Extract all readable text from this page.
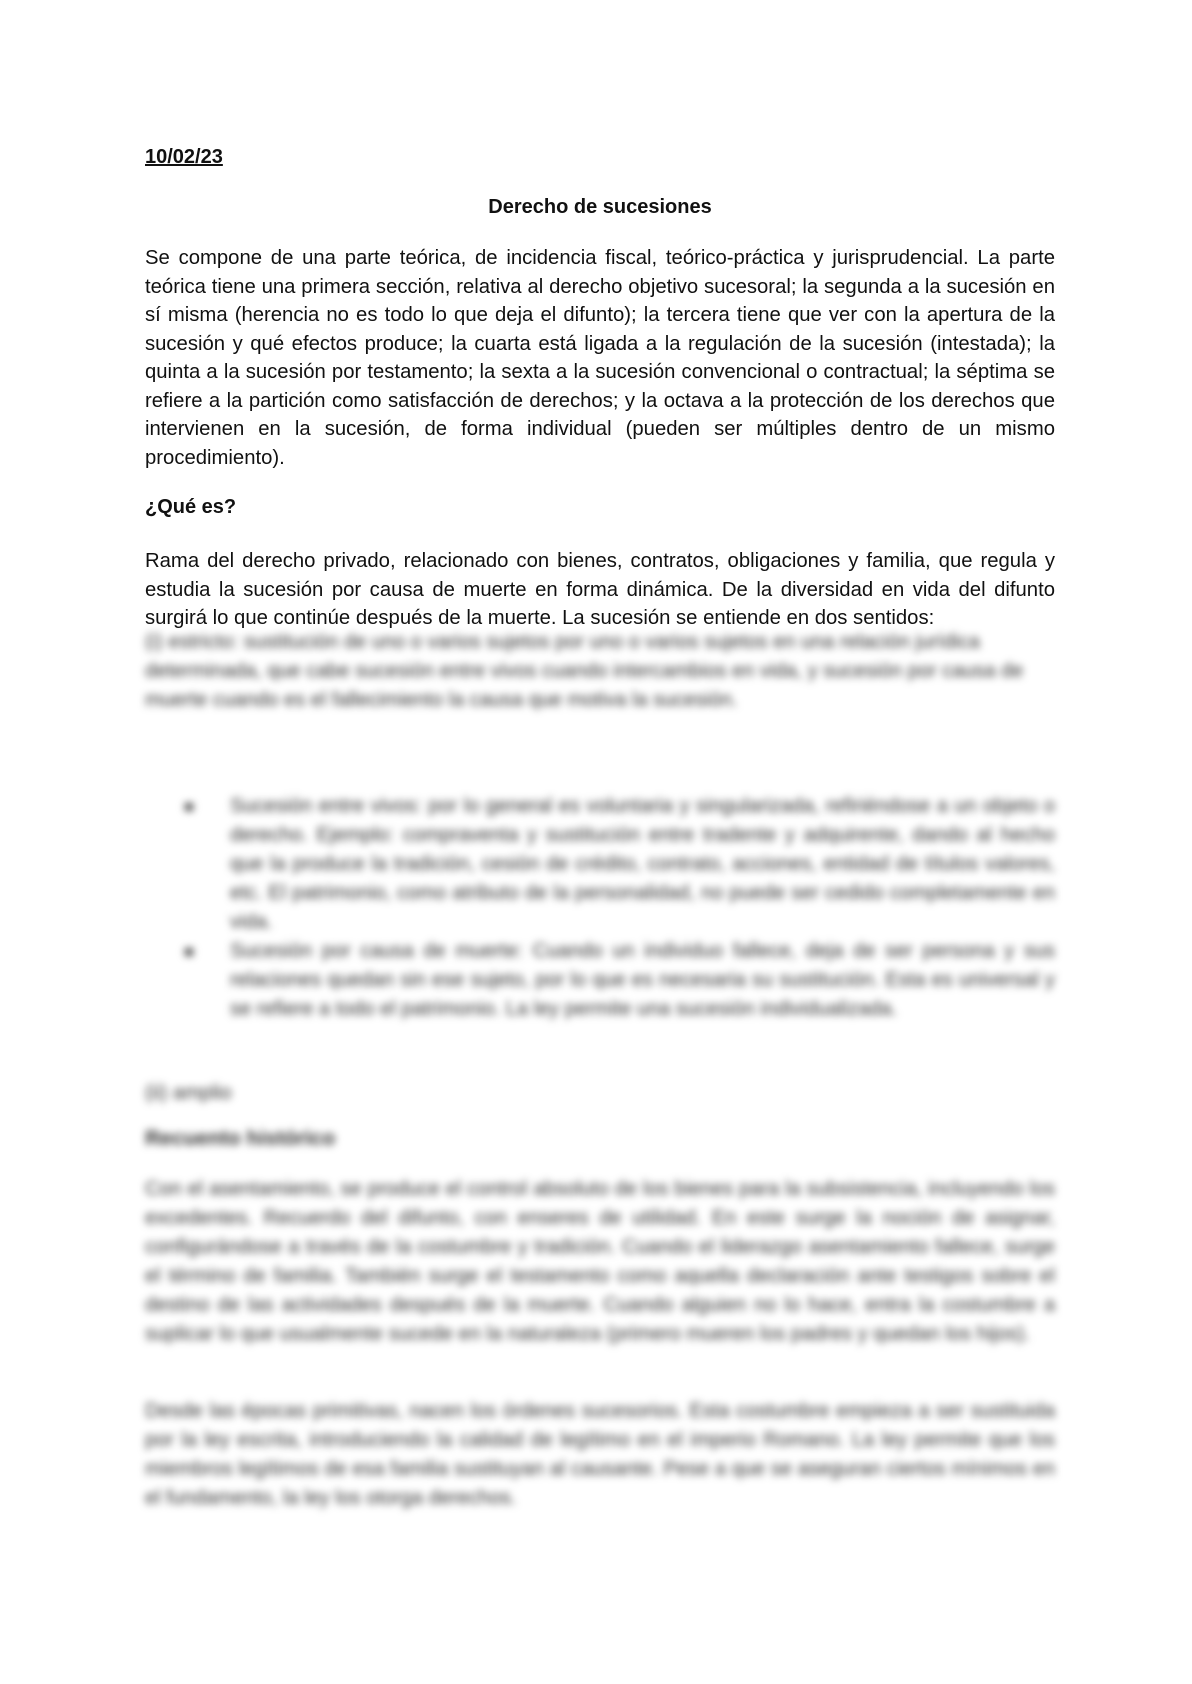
10/02/23
Derecho de sucesiones

Se compone de una parte teórica, de incidencia fiscal, teórico-práctica y jurisprudencial. La parte teórica tiene una primera sección, relativa al derecho objetivo sucesoral; la segunda a la sucesión en sí misma (herencia no es todo lo que deja el difunto); la tercera tiene que ver con la apertura de la sucesión y qué efectos produce; la cuarta está ligada a la regulación de la sucesión (intestada); la quinta a la sucesión por testamento; la sexta a la sucesión convencional o contractual; la séptima se refiere a la partición como satisfacción de derechos; y la octava a la protección de los derechos que intervienen en la sucesión, de forma individual (pueden ser múltiples dentro de un mismo procedimiento).

¿Qué es?

Rama del derecho privado, relacionado con bienes, contratos, obligaciones y familia, que regula y estudia la sucesión por causa de muerte en forma dinámica. De la diversidad en vida del difunto surgirá lo que continúe después de la muerte. La sucesión se entiende en dos sentidos:

(i) estricto: sustitución de uno o varios sujetos por uno o varios sujetos en una relación jurídica determinada, que cabe sucesión entre vivos cuando intercambios en vida, y sucesión por causa de muerte cuando es el fallecimiento la causa que motiva la sucesión.

Sucesión entre vivos: por lo general es voluntaria y singularizada, refiriéndose a un objeto o derecho. Ejemplo: compraventa y sustitución entre tradente y adquirente, dando al hecho que la produce la tradición, cesión de crédito, contrato, acciones, entidad de títulos valores, etc. El patrimonio, como atributo de la personalidad, no puede ser cedido completamente en vida.
Sucesión por causa de muerte: Cuando un individuo fallece, deja de ser persona y sus relaciones quedan sin ese sujeto, por lo que es necesaria su sustitución. Esta es universal y se refiere a todo el patrimonio. La ley permite una sucesión individualizada.
(ii) amplio
Recuento histórico

Con el asentamiento, se produce el control absoluto de los bienes para la subsistencia, incluyendo los excedentes. Recuerdo del difunto, con enseres de utilidad. En este surge la noción de asignar, configurándose a través de la costumbre y tradición. Cuando el liderazgo asentamiento fallece, surge el término de familia. También surge el testamento como aquella declaración ante testigos sobre el destino de las actividades después de la muerte. Cuando alguien no lo hace, entra la costumbre a suplicar lo que usualmente sucede en la naturaleza (primero mueren los padres y quedan los hijos).

Desde las épocas primitivas, nacen los órdenes sucesorios. Esta costumbre empieza a ser sustituida por la ley escrita, introduciendo la calidad de legítimo en el imperio Romano. La ley permite que los miembros legítimos de esa familia sustituyan al causante. Pese a que se aseguran ciertos mínimos en el fundamento, la ley los otorga derechos.
